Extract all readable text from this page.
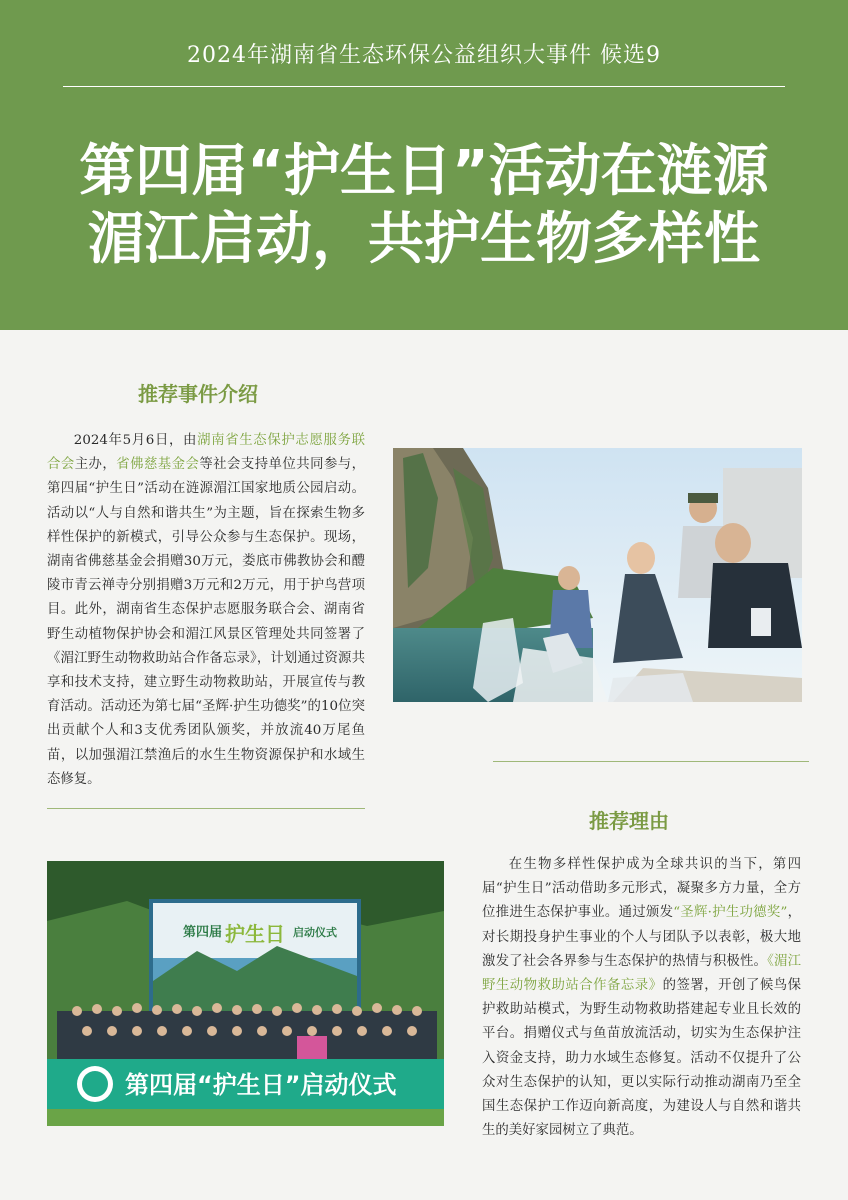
2024年湖南省生态环保公益组织大事件 候选9
第四届“护生日”活动在涟源
湄江启动，共护生物多样性
推荐事件介绍

2024年5月6日，由湖南省生态保护志愿服务联合会主办，省佛慈基金会等社会支持单位共同参与，第四届“护生日”活动在涟源湄江国家地质公园启动。活动以“人与自然和谐共生”为主题，旨在探索生物多样性保护的新模式，引导公众参与生态保护。现场，湖南省佛慈基金会捐赠30万元，娄底市佛教协会和醴陵市青云禅寺分别捐赠3万元和2万元，用于护鸟营项目。此外，湖南省生态保护志愿服务联合会、湖南省野生动植物保护协会和湄江风景区管理处共同签署了《湄江野生动物救助站合作备忘录》，计划通过资源共享和技术支持，建立野生动物救助站，开展宣传与教育活动。活动还为第七届“圣辉·护生功德奖”的10位突出贡献个人和3支优秀团队颁奖，并放流40万尾鱼苗，以加强湄江禁渔后的水生生物资源保护和水域生态修复。

第四届 护生日 启动仪式
第四届“护生日”启动仪式
推荐理由

在生物多样性保护成为全球共识的当下，第四届“护生日”活动借助多元形式，凝聚多方力量，全方位推进生态保护事业。通过颁发“圣辉·护生功德奖”，对长期投身护生事业的个人与团队予以表彰，极大地激发了社会各界参与生态保护的热情与积极性。《湄江野生动物救助站合作备忘录》的签署，开创了候鸟保护救助站模式，为野生动物救助搭建起专业且长效的平台。捐赠仪式与鱼苗放流活动，切实为生态保护注入资金支持，助力水域生态修复。活动不仅提升了公众对生态保护的认知，更以实际行动推动湖南乃至全国生态保护工作迈向新高度，为建设人与自然和谐共生的美好家园树立了典范。
